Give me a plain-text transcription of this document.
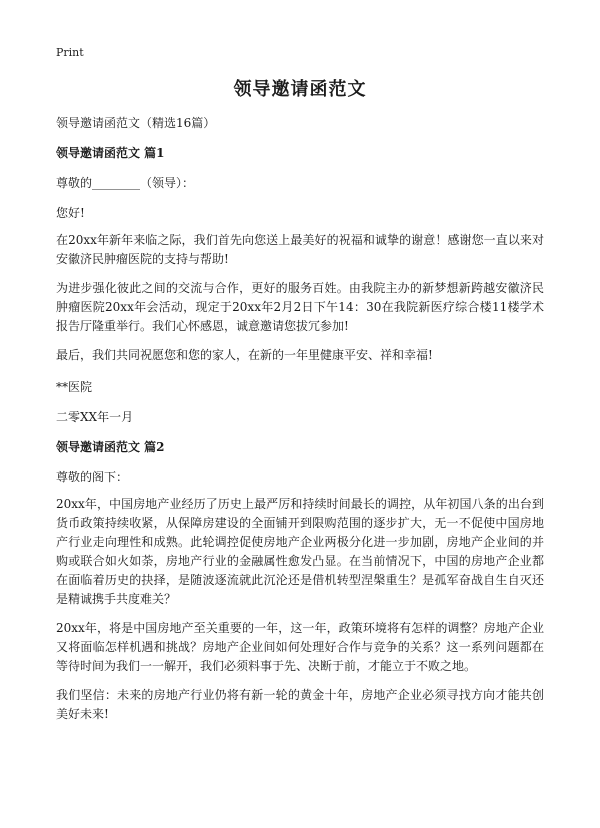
Print
领导邀请函范文
领导邀请函范文（精选16篇）
领导邀请函范文 篇1

尊敬的________（领导）：

您好!

在20xx年新年来临之际，我们首先向您送上最美好的祝福和诚挚的谢意！感谢您一直以来对安徽济民肿瘤医院的支持与帮助!

为进步强化彼此之间的交流与合作，更好的服务百姓。由我院主办的新梦想新跨越安徽济民肿瘤医院20xx年会活动，现定于20xx年2月2日下午14：30在我院新医疗综合楼11楼学术报告厅隆重举行。我们心怀感恩，诚意邀请您拔冗参加!

最后，我们共同祝愿您和您的家人，在新的一年里健康平安、祥和幸福!

**医院

二零XX年一月

领导邀请函范文 篇2

尊敬的阁下：

20xx年，中国房地产业经历了历史上最严厉和持续时间最长的调控，从年初国八条的出台到货币政策持续收紧，从保障房建设的全面铺开到限购范围的逐步扩大，无一不促使中国房地产行业走向理性和成熟。此轮调控促使房地产企业两极分化进一步加剧，房地产企业间的并购或联合如火如荼，房地产行业的金融属性愈发凸显。在当前情况下，中国的房地产企业都在面临着历史的抉择，是随波逐流就此沉沦还是借机转型涅槃重生？是孤军奋战自生自灭还是精诚携手共度难关？

20xx年，将是中国房地产至关重要的一年，这一年，政策环境将有怎样的调整？房地产企业又将面临怎样机遇和挑战？房地产企业间如何处理好合作与竞争的关系？这一系列问题都在等待时间为我们一一解开，我们必须料事于先、决断于前，才能立于不败之地。

我们坚信：未来的房地产行业仍将有新一轮的黄金十年，房地产企业必须寻找方向才能共创美好未来!
